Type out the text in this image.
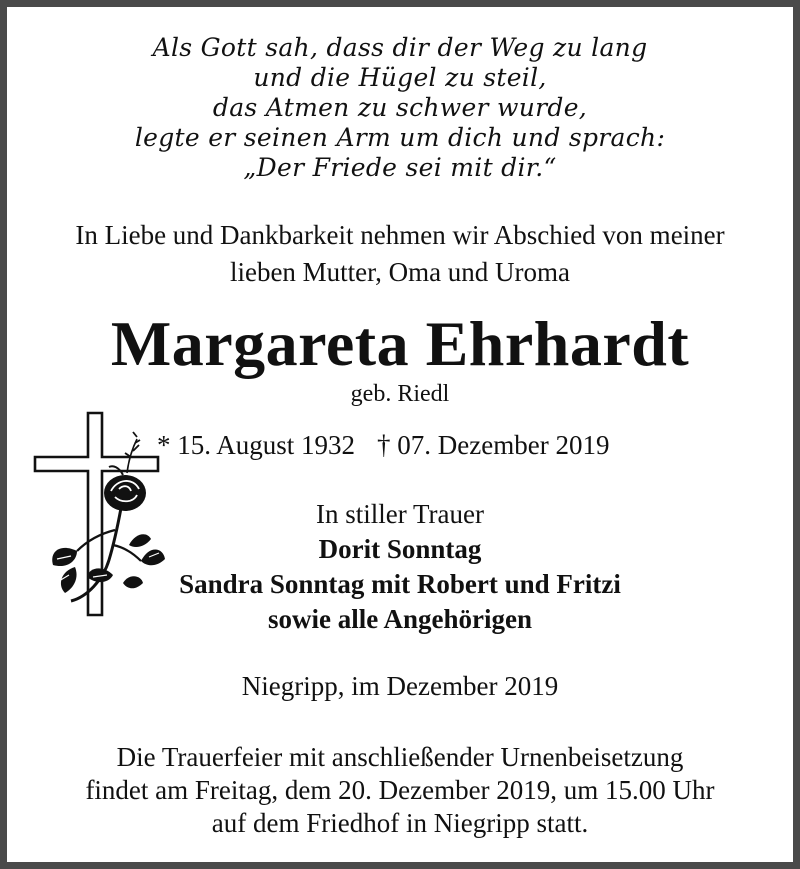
Als Gott sah, dass dir der Weg zu lang
und die Hügel zu steil,
das Atmen zu schwer wurde,
legte er seinen Arm um dich und sprach:
„Der Friede sei mit dir.“
In Liebe und Dankbarkeit nehmen wir Abschied von meiner
lieben Mutter, Oma und Uroma
Margareta Ehrhardt
geb. Riedl
* 15. August 1932 † 07. Dezember 2019
In stiller Trauer
Dorit Sonntag
Sandra Sonntag mit Robert und Fritzi
sowie alle Angehörigen
Niegripp, im Dezember 2019
Die Trauerfeier mit anschließender Urnenbeisetzung
findet am Freitag, dem 20. Dezember 2019, um 15.00 Uhr
auf dem Friedhof in Niegripp statt.
